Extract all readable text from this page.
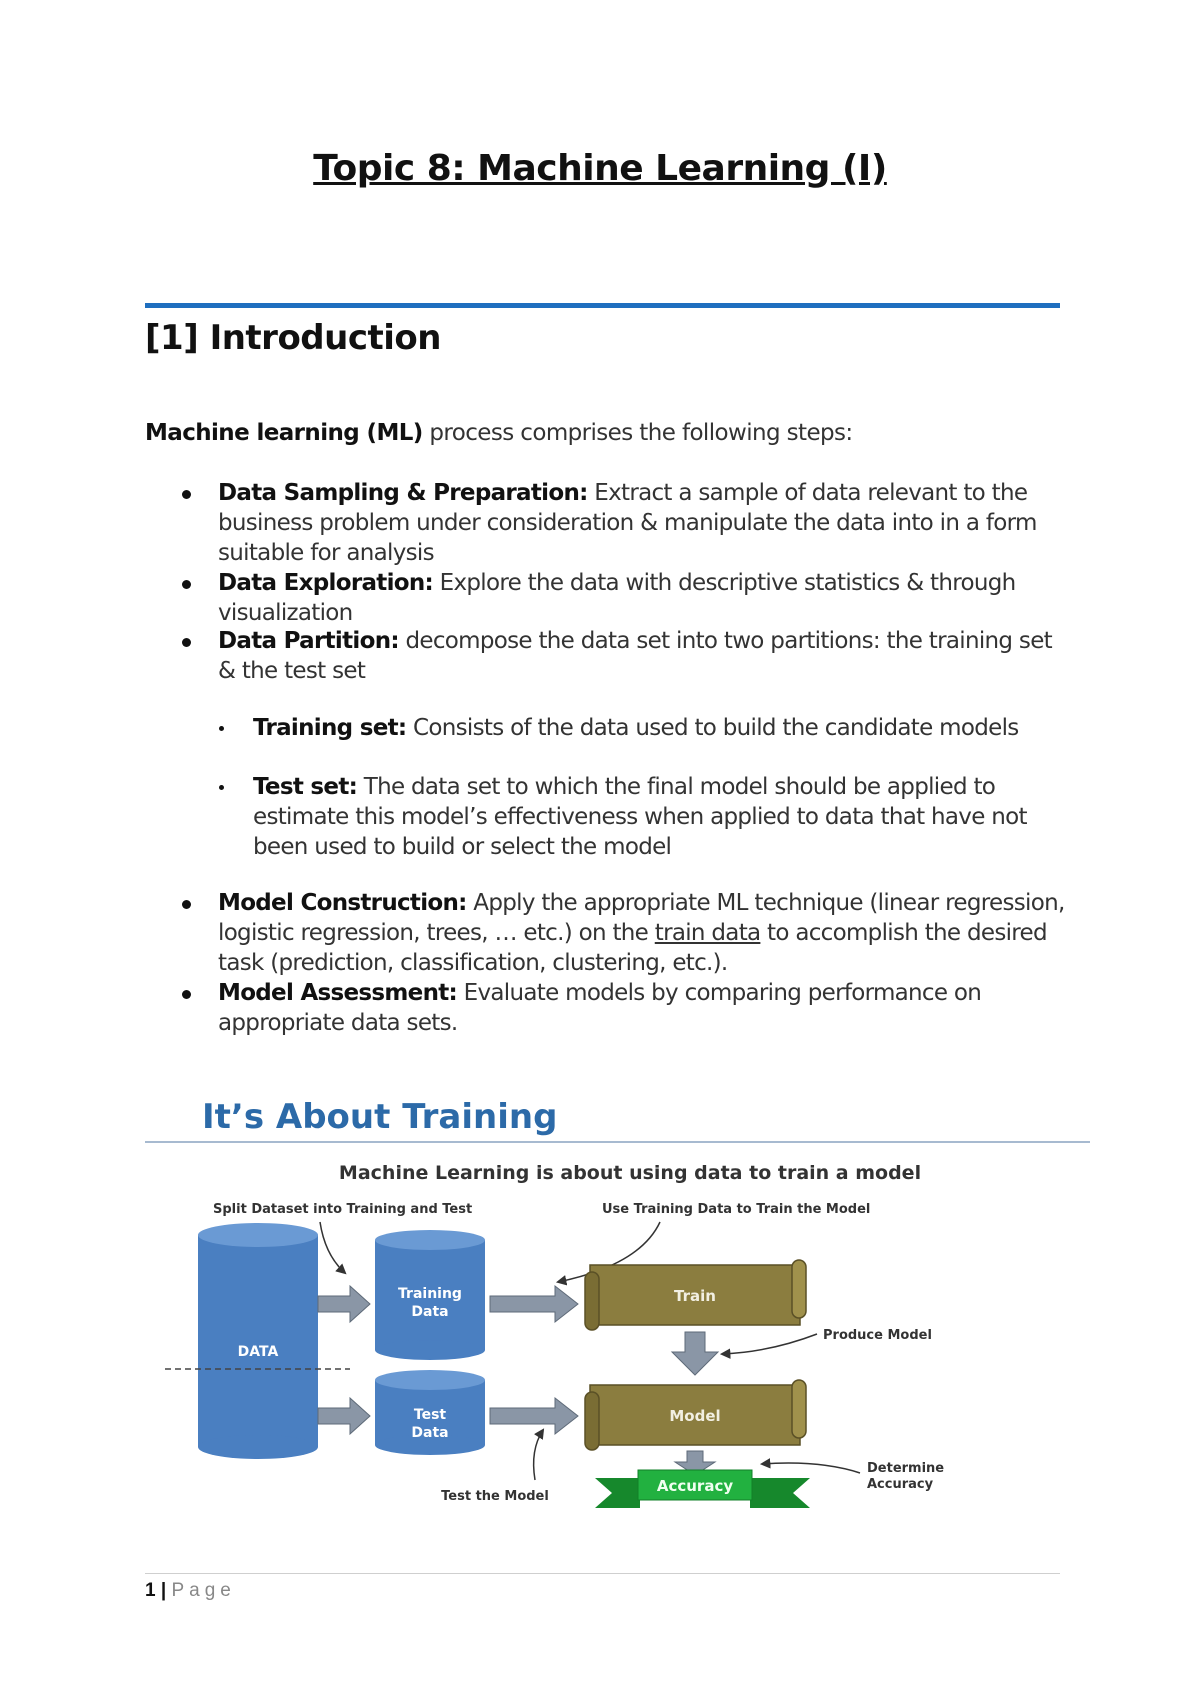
Topic 8: Machine Learning (I)
[1] Introduction
Machine learning (ML) process comprises the following steps:
Data Sampling & Preparation: Extract a sample of data relevant to the business problem under consideration & manipulate the data into in a form suitable for analysis
Data Exploration: Explore the data with descriptive statistics & through visualization
Data Partition: decompose the data set into two partitions: the training set & the test set
Training set: Consists of the data used to build the candidate models
Test set: The data set to which the final model should be applied to estimate this model’s effectiveness when applied to data that have not been used to build or select the model
Model Construction: Apply the appropriate ML technique (linear regression, logistic regression, trees, … etc.) on the train data to accomplish the desired task (prediction, classification, clustering, etc.).
Model Assessment: Evaluate models by comparing performance on appropriate data sets.
It’s About Training
Machine Learning is about using data to train a model
Split Dataset into Training and Test	Use Training Data to Train the Model
DATA
Training
Data
Test
Data
Test the Model
Train
Produce Model
Model
Accuracy
Determine
Accuracy
1 | Page
